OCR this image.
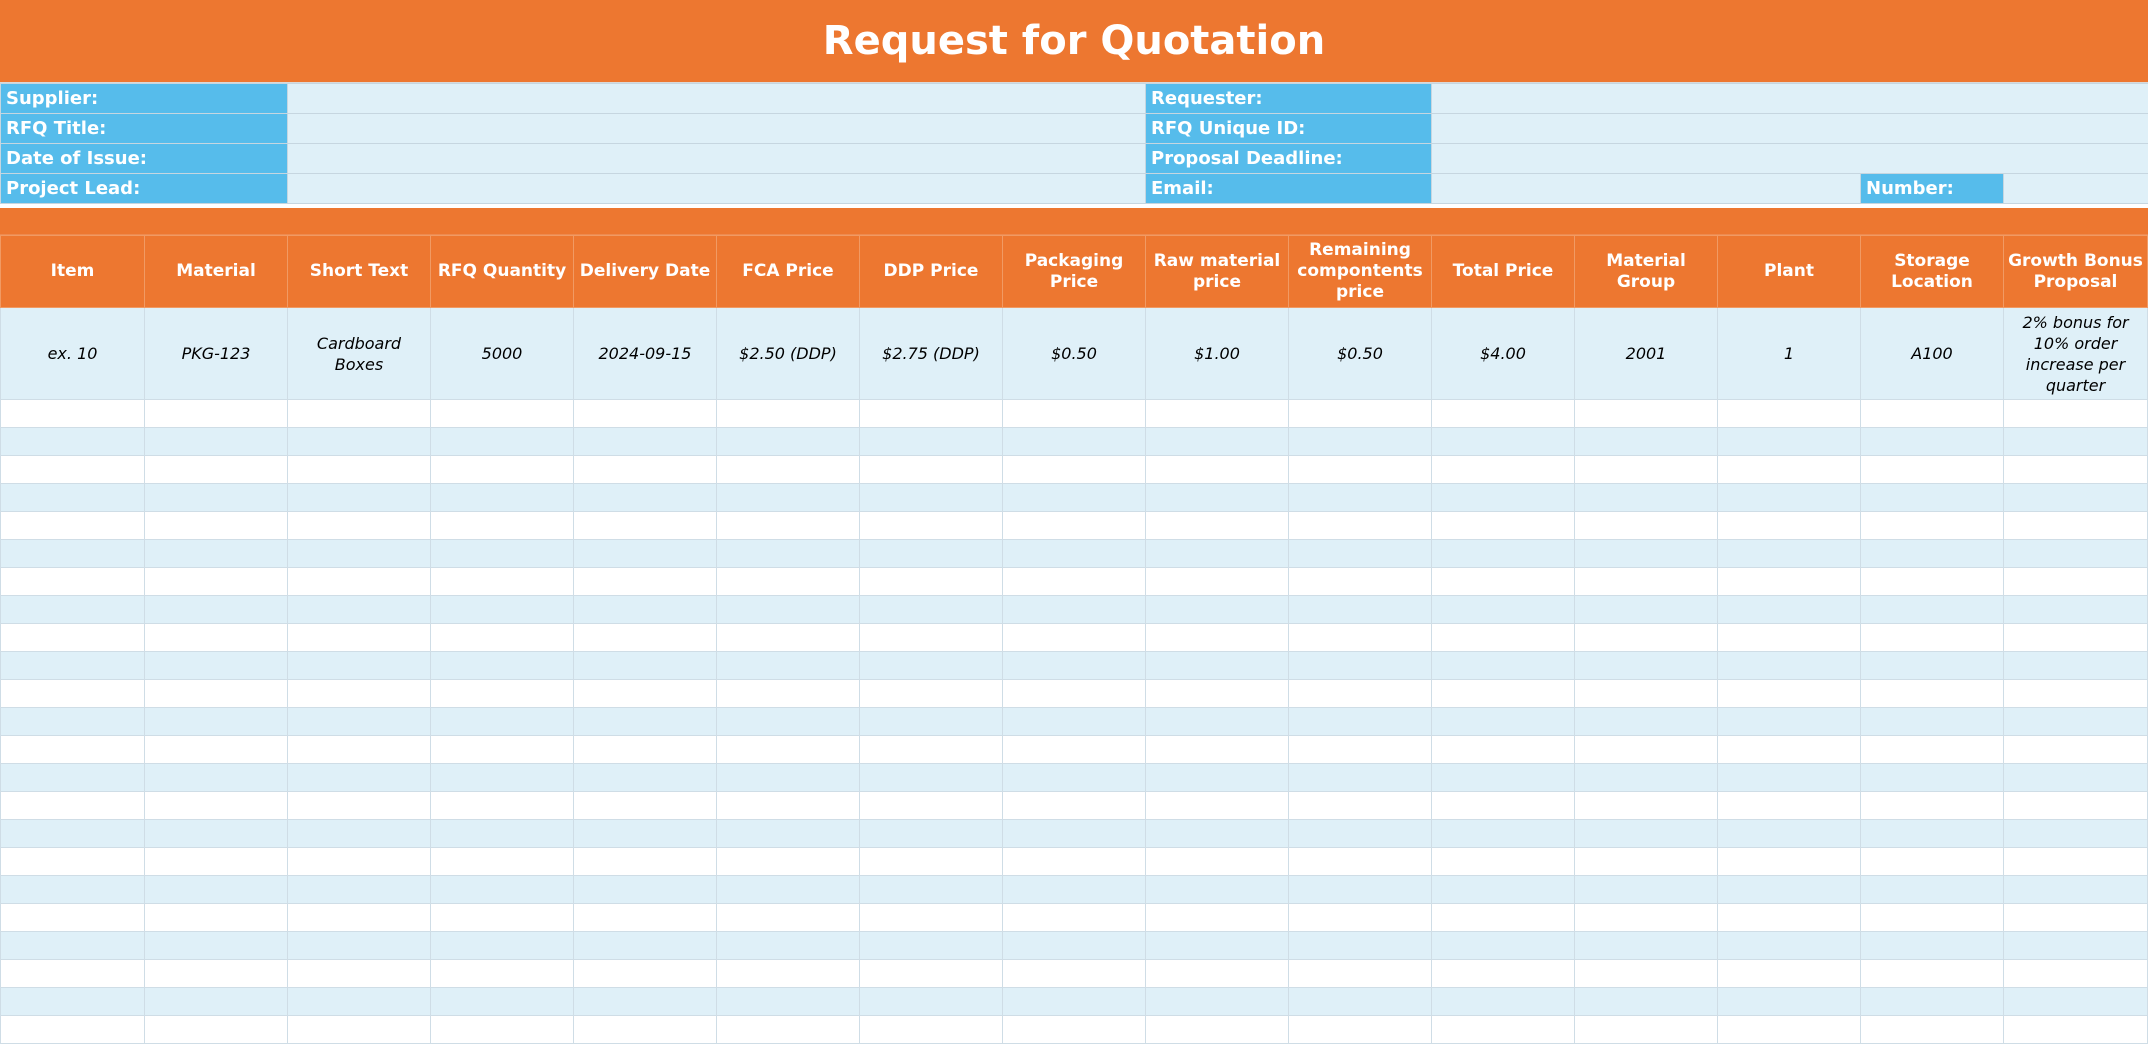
Request for Quotation
Supplier:		Requester:			
RFQ Title:		RFQ Unique ID:			
Date of Issue:		Proposal Deadline:			
Project Lead:		Email:		Number:	
Item	Material	Short Text	RFQ Quantity	Delivery Date	FCA Price	DDP Price	Packaging Price	Raw material price	Remaining compontents price	Total Price	Material Group	Plant	Storage Location	Growth Bonus Proposal
ex. 10	PKG-123	Cardboard Boxes	5000	2024-09-15	$2.50 (DDP)	$2.75 (DDP)	$0.50	$1.00	$0.50	$4.00	2001	1	A100	2% bonus for 10% order increase per quarter
